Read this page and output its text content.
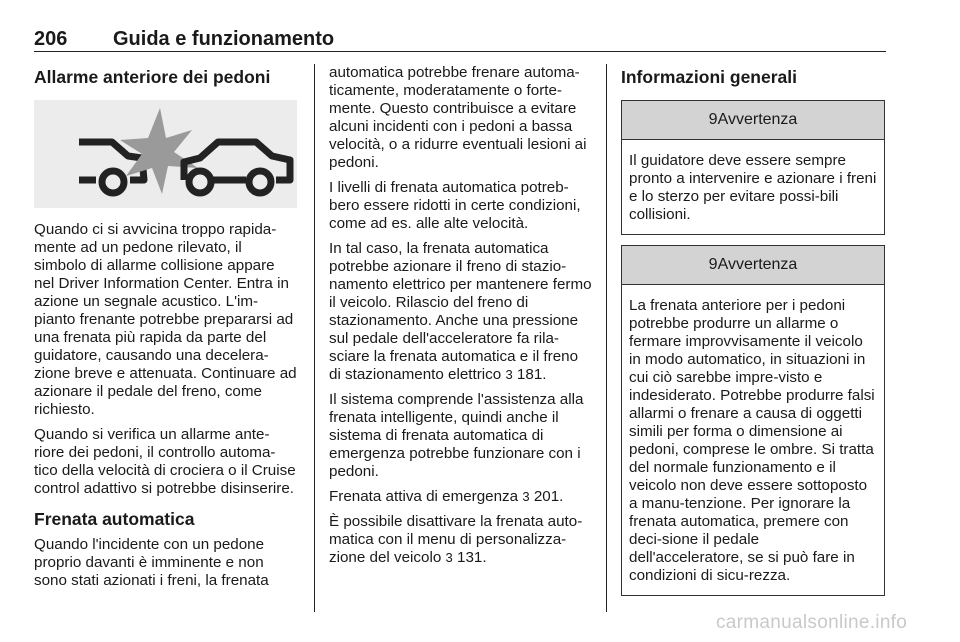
206 Guida e funzionamento
Allarme anteriore dei pedoni

Quando ci si avvicina troppo rapida-mente ad un pedone rilevato, il simbolo di allarme collisione appare nel Driver Information Center. Entra in azione un segnale acustico. L'im-pianto frenante potrebbe prepararsi ad una frenata più rapida da parte del guidatore, causando una decelera-zione breve e attenuata. Continuare ad azionare il pedale del freno, come richiesto.

Quando si verifica un allarme ante-riore dei pedoni, il controllo automa-tico della velocità di crociera o il Cruise control adattivo si potrebbe disinserire.

Frenata automatica

Quando l'incidente con un pedone proprio davanti è imminente e non sono stati azionati i freni, la frenata

automatica potrebbe frenare automa-ticamente, moderatamente o forte-mente. Questo contribuisce a evitare alcuni incidenti con i pedoni a bassa velocità, o a ridurre eventuali lesioni ai pedoni.

I livelli di frenata automatica potreb-bero essere ridotti in certe condizioni, come ad es. alle alte velocità.

In tal caso, la frenata automatica potrebbe azionare il freno di stazio-namento elettrico per mantenere fermo il veicolo. Rilascio del freno di stazionamento. Anche una pressione sul pedale dell'acceleratore fa rila-sciare la frenata automatica e il freno di stazionamento elettrico 3 181.

Il sistema comprende l'assistenza alla frenata intelligente, quindi anche il sistema di frenata automatica di emergenza potrebbe funzionare con i pedoni.

Frenata attiva di emergenza 3 201.

È possibile disattivare la frenata auto-matica con il menu di personalizza-zione del veicolo 3 131.

Informazioni generali
9Avvertenza
Il guidatore deve essere sempre pronto a intervenire e azionare i freni e lo sterzo per evitare possi-bili collisioni.
9Avvertenza
La frenata anteriore per i pedoni potrebbe produrre un allarme o fermare improvvisamente il veicolo in modo automatico, in situazioni in cui ciò sarebbe impre-visto e indesiderato. Potrebbe produrre falsi allarmi o frenare a causa di oggetti simili per forma o dimensione ai pedoni, comprese le ombre. Si tratta del normale funzionamento e il veicolo non deve essere sottoposto a manu-tenzione. Per ignorare la frenata automatica, premere con deci-sione il pedale dell'acceleratore, se si può fare in condizioni di sicu-rezza.
carmanualsonline.info
